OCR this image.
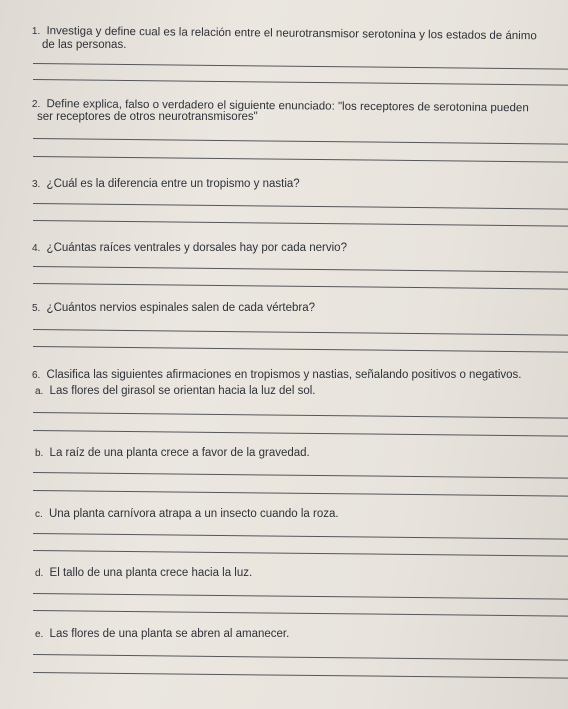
1. Investiga y define cual es la relación entre el neurotransmisor serotonina y los estados de ánimo
de las personas.
2. Define explica, falso o verdadero el siguiente enunciado: "los receptores de serotonina pueden
ser receptores de otros neurotransmisores"
3. ¿Cuál es la diferencia entre un tropismo y nastia?
4. ¿Cuántas raíces ventrales y dorsales hay por cada nervio?
5. ¿Cuántos nervios espinales salen de cada vértebra?
6. Clasifica las siguientes afirmaciones en tropismos y nastias, señalando positivos o negativos.
a. Las flores del girasol se orientan hacia la luz del sol.
b. La raíz de una planta crece a favor de la gravedad.
c. Una planta carnívora atrapa a un insecto cuando la roza.
d. El tallo de una planta crece hacia la luz.
e. Las flores de una planta se abren al amanecer.
